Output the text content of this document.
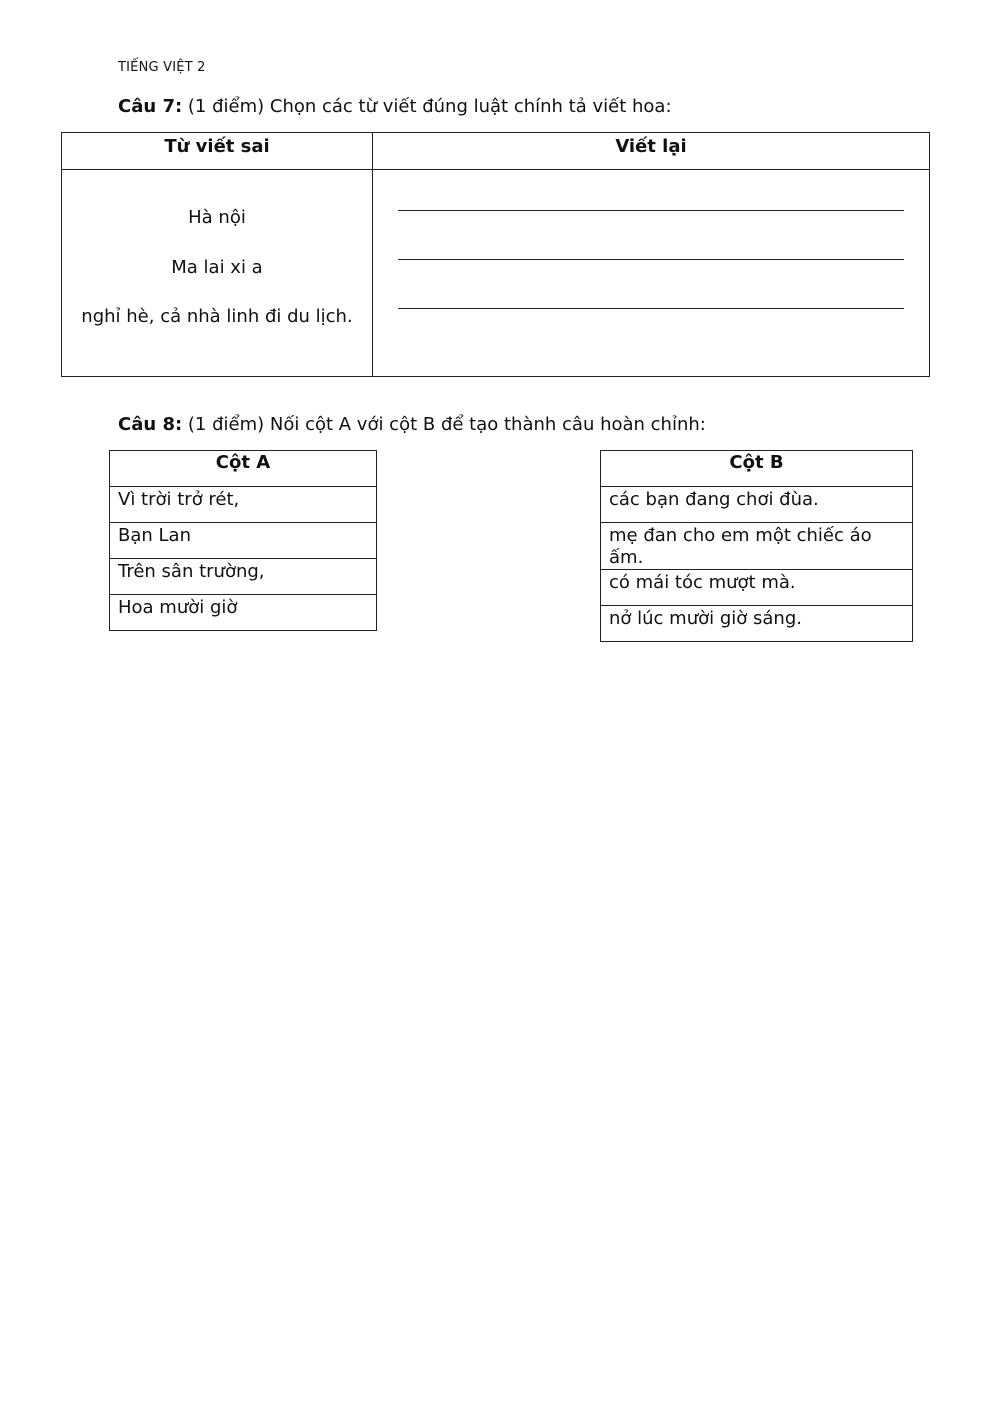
TIẾNG VIỆT 2
Câu 7: (1 điểm) Chọn các từ viết đúng luật chính tả viết hoa:
Từ viết sai	Viết lại
Hà nội
Ma lai xi a
nghỉ hè, cả nhà linh đi du lịch.
Câu 8: (1 điểm) Nối cột A với cột B để tạo thành câu hoàn chỉnh:
Cột A
Vì trời trở rét,
Bạn Lan
Trên sân trường,
Hoa mười giờ
Cột B
các bạn đang chơi đùa.
mẹ đan cho em một chiếc áo ấm.
có mái tóc mượt mà.
nở lúc mười giờ sáng.
